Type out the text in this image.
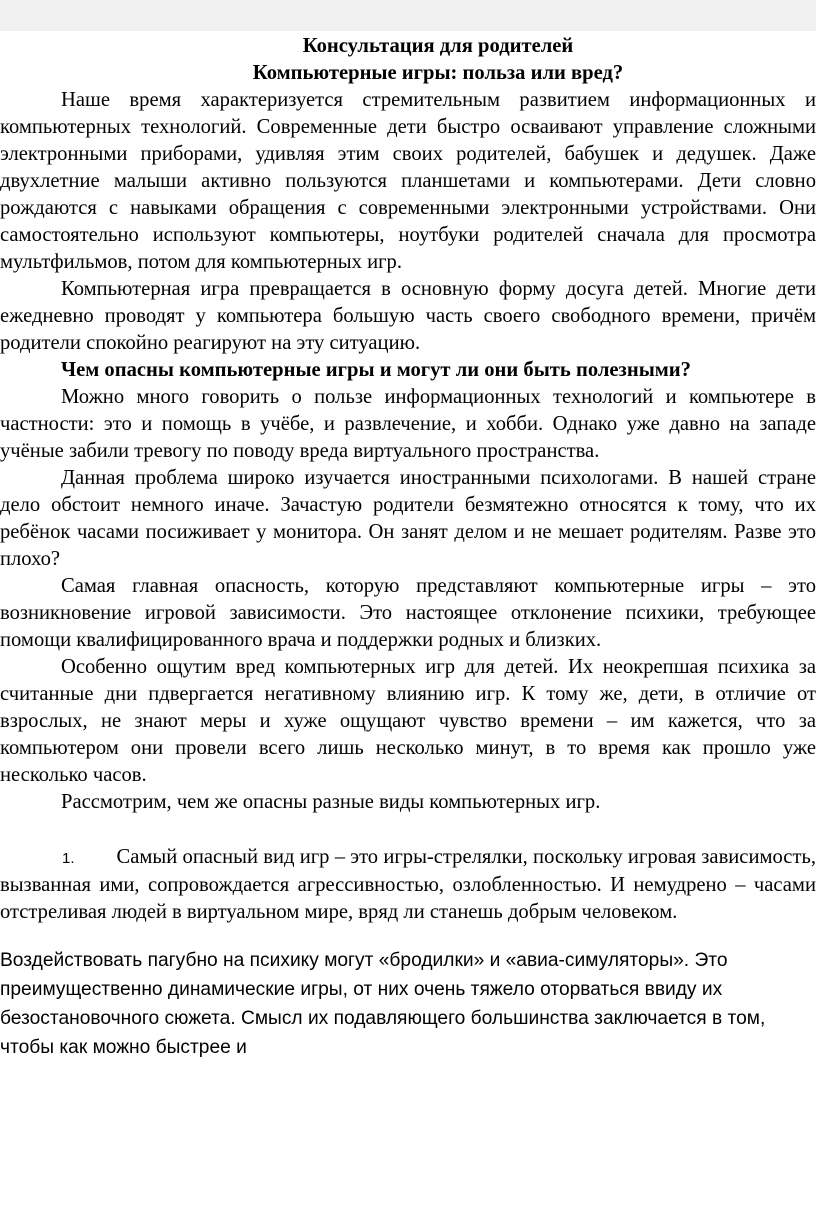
Консультация для родителей

Компьютерные игры: польза или вред?

Наше время характеризуется стремительным развитием информационных и компьютерных технологий. Современные дети быстро осваивают управление сложными электронными приборами, удивляя этим своих родителей, бабушек и дедушек. Даже двухлетние малыши активно пользуются планшетами и компьютерами. Дети словно рождаются с навыками обращения с современными электронными устройствами. Они самостоятельно используют компьютеры, ноутбуки родителей сначала для просмотра мультфильмов, потом для компьютерных игр.

Компьютерная игра превращается в основную форму досуга детей. Многие дети ежедневно проводят у компьютера большую часть своего свободного времени, причём родители спокойно реагируют на эту ситуацию.

Чем опасны компьютерные игры и могут ли они быть полезными?

Можно много говорить о пользе информационных технологий и компьютере в частности: это и помощь в учёбе, и развлечение, и хобби. Однако уже давно на западе учёные забили тревогу по поводу вреда виртуального пространства.

Данная проблема широко изучается иностранными психологами. В нашей стране дело обстоит немного иначе. Зачастую родители безмятежно относятся к тому, что их ребёнок часами посиживает у монитора. Он занят делом и не мешает родителям. Разве это плохо?

Самая главная опасность, которую представляют компьютерные игры – это возникновение игровой зависимости. Это настоящее отклонение психики, требующее помощи квалифицированного врача и поддержки родных и близких.

Особенно ощутим вред компьютерных игр для детей. Их неокрепшая психика за считанные дни пдвергается негативному влиянию игр. К тому же, дети, в отличие от взрослых, не знают меры и хуже ощущают чувство времени – им кажется, что за компьютером они провели всего лишь несколько минут, в то время как прошло уже несколько часов.

Рассмотрим, чем же опасны разные виды компьютерных игр.

1. Самый опасный вид игр – это игры-стрелялки, поскольку игровая зависимость, вызванная ими, сопровождается агрессивностью, озлобленностью. И немудрено – часами отстреливая людей в виртуальном мире, вряд ли станешь добрым человеком.

Воздействовать пагубно на психику могут «бродилки» и «авиа-симуляторы». Это преимущественно динамические игры, от них очень тяжело оторваться ввиду их безостановочного сюжета. Смысл их подавляющего большинства заключается в том, чтобы как можно быстрее и
